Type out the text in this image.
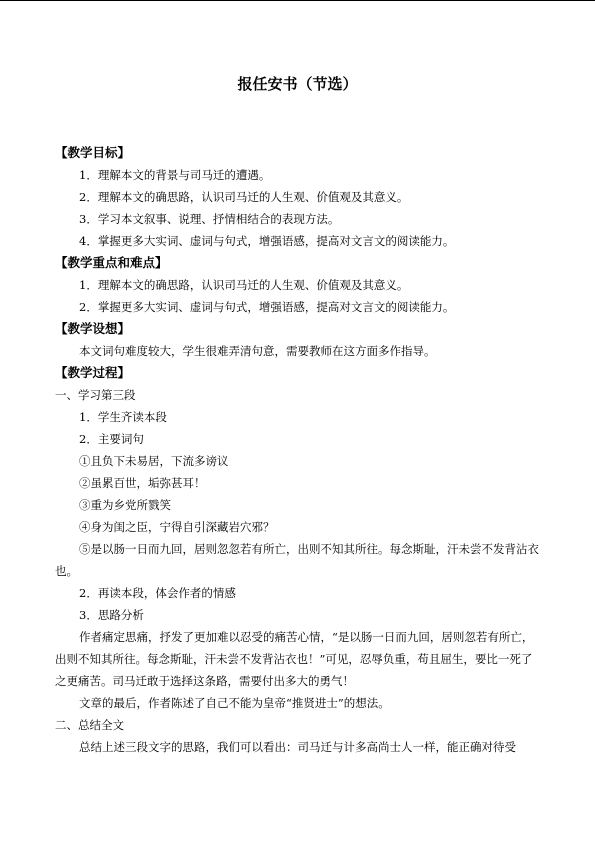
报任安书（节选）
【教学目标】
1．理解本文的背景与司马迁的遭遇。
2．理解本文的确思路，认识司马迁的人生观、价值观及其意义。
3．学习本文叙事、说理、抒情相结合的表现方法。
4．掌握更多大实词、虚词与句式，增强语感，提高对文言文的阅读能力。
【教学重点和难点】
1．理解本文的确思路，认识司马迁的人生观、价值观及其意义。
2．掌握更多大实词、虚词与句式，增强语感，提高对文言文的阅读能力。
【教学设想】
本文词句难度较大，学生很难弄清句意，需要教师在这方面多作指导。
【教学过程】
一、学习第三段
1．学生齐读本段
2．主要词句
①且负下未易居，下流多谤议
②虽累百世，垢弥甚耳！
③重为乡党所戮笑
④身为闺之臣，宁得自引深藏岩穴邪？
⑤是以肠一日而九回，居则忽忽若有所亡，出则不知其所往。每念斯耻，汗未尝不发背沾衣也。
2．再读本段，体会作者的情感
3．思路分析
作者痛定思痛，抒发了更加难以忍受的痛苦心情，“是以肠一日而九回，居则忽若有所亡，出则不知其所往。每念斯耻，汗未尝不发背沾衣也！”可见，忍辱负重，苟且屈生，要比一死了之更痛苦。司马迁敢于选择这条路，需要付出多大的勇气！
文章的最后，作者陈述了自己不能为皇帝“推贤进士”的想法。
二、总结全文
总结上述三段文字的思路，我们可以看出：司马迁与计多高尚士人一样，能正确对待受
